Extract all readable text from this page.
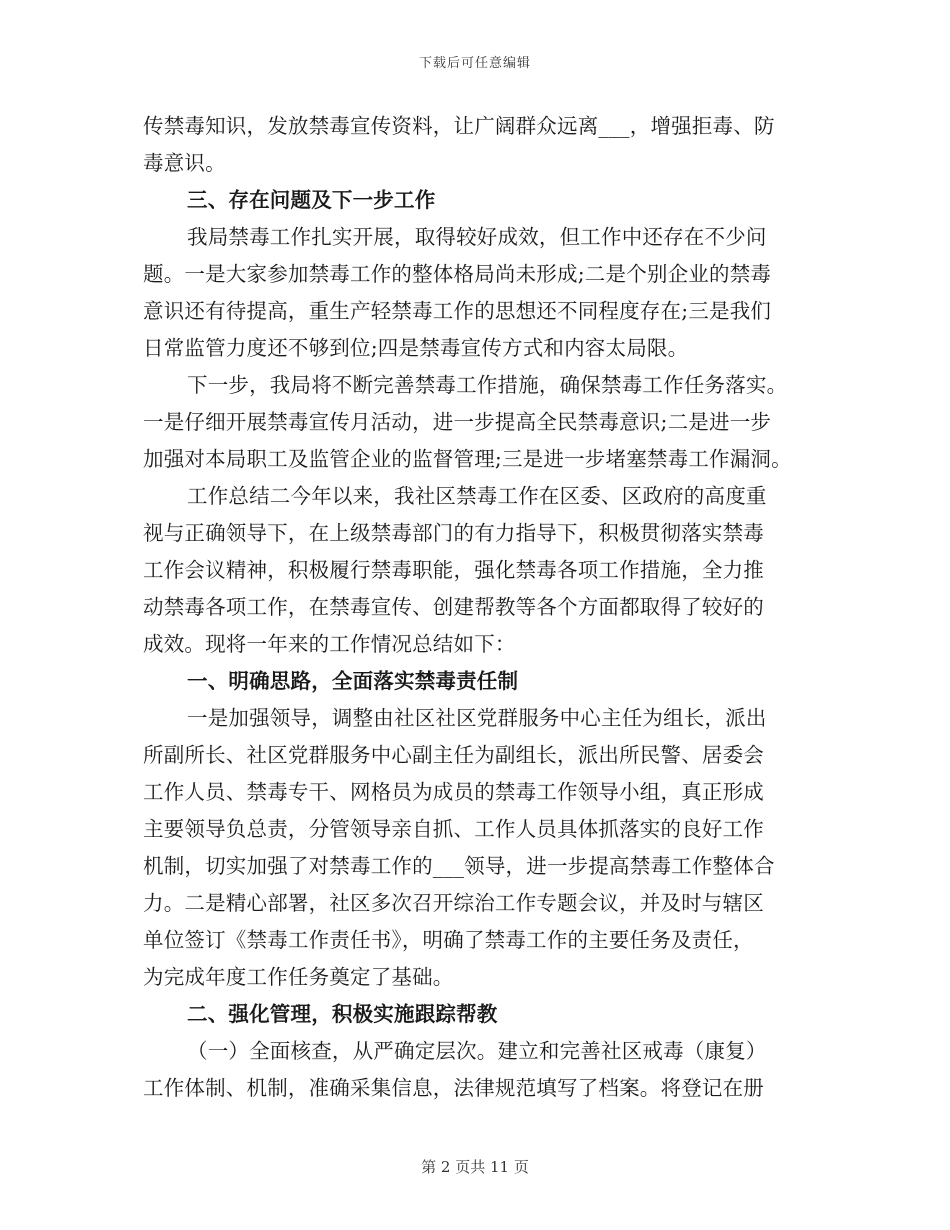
下载后可任意编辑
传禁毒知识，发放禁毒宣传资料，让广阔群众远离___，增强拒毒、防
毒意识。
三、存在问题及下一步工作
我局禁毒工作扎实开展，取得较好成效，但工作中还存在不少问
题。一是大家参加禁毒工作的整体格局尚未形成;二是个别企业的禁毒
意识还有待提高，重生产轻禁毒工作的思想还不同程度存在;三是我们
日常监管力度还不够到位;四是禁毒宣传方式和内容太局限。
下一步，我局将不断完善禁毒工作措施，确保禁毒工作任务落实。
一是仔细开展禁毒宣传月活动，进一步提高全民禁毒意识;二是进一步
加强对本局职工及监管企业的监督管理;三是进一步堵塞禁毒工作漏洞。
工作总结二今年以来，我社区禁毒工作在区委、区政府的高度重
视与正确领导下，在上级禁毒部门的有力指导下，积极贯彻落实禁毒
工作会议精神，积极履行禁毒职能，强化禁毒各项工作措施，全力推
动禁毒各项工作，在禁毒宣传、创建帮教等各个方面都取得了较好的
成效。现将一年来的工作情况总结如下：
一、明确思路，全面落实禁毒责任制
一是加强领导，调整由社区社区党群服务中心主任为组长，派出
所副所长、社区党群服务中心副主任为副组长，派出所民警、居委会
工作人员、禁毒专干、网格员为成员的禁毒工作领导小组，真正形成
主要领导负总责，分管领导亲自抓、工作人员具体抓落实的良好工作
机制，切实加强了对禁毒工作的___领导，进一步提高禁毒工作整体合
力。二是精心部署，社区多次召开综治工作专题会议，并及时与辖区
单位签订《禁毒工作责任书》，明确了禁毒工作的主要任务及责任，
为完成年度工作任务奠定了基础。
二、强化管理，积极实施跟踪帮教
（一）全面核查，从严确定层次。建立和完善社区戒毒（康复）
工作体制、机制，准确采集信息，法律规范填写了档案。将登记在册
第 2 页共 11 页
